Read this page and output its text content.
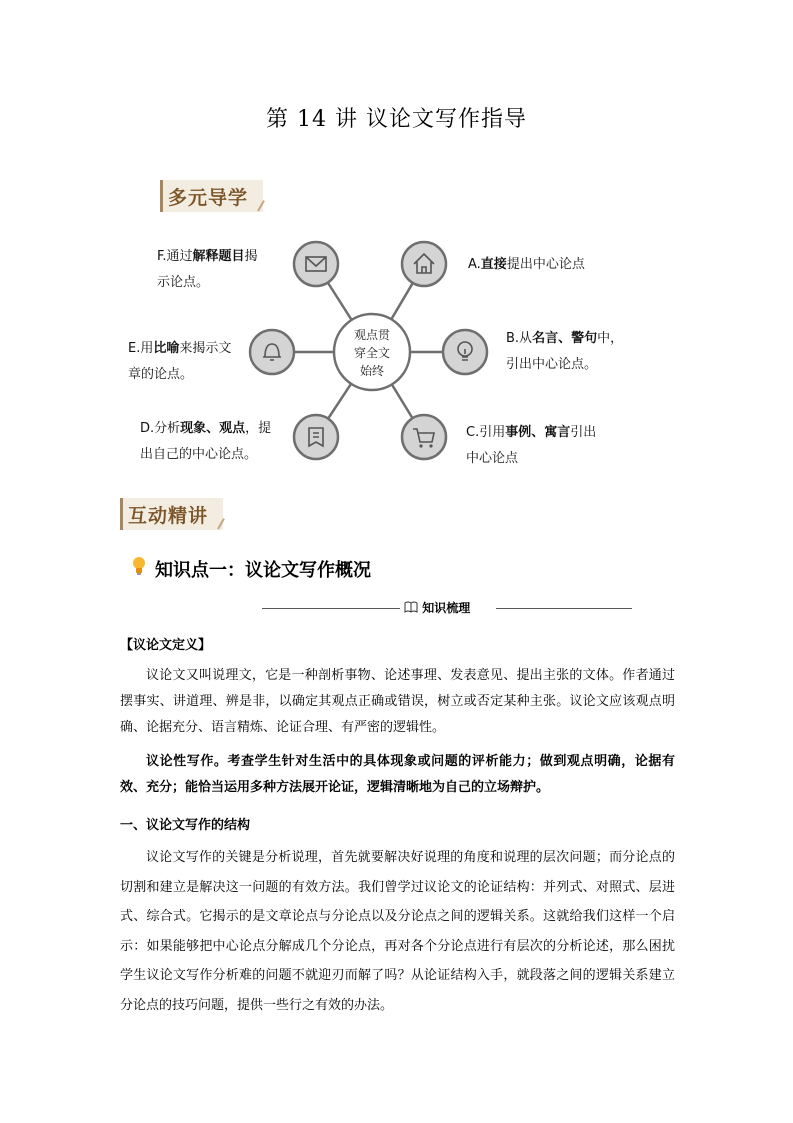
第 14 讲 议论文写作指导
多元导学
观点贯
穿全文
始终
F.通过解释题目揭
示论点。
A.直接提出中心论点
E.用比喻来揭示文
章的论点。
B.从名言、警句中，
引出中心论点。
D.分析现象、观点，提
出自己的中心论点。
C.引用事例、寓言引出
中心论点
互动精讲
知识点一：议论文写作概况
知识梳理
【议论文定义】
议论文又叫说理文，它是一种剖析事物、论述事理、发表意见、提出主张的文体。作者通过摆事实、讲道理、辨是非，以确定其观点正确或错误，树立或否定某种主张。议论文应该观点明确、论据充分、语言精炼、论证合理、有严密的逻辑性。
议论性写作。考查学生针对生活中的具体现象或问题的评析能力；做到观点明确，论据有效、充分；能恰当运用多种方法展开论证，逻辑清晰地为自己的立场辩护。
一、议论文写作的结构
议论文写作的关键是分析说理，首先就要解决好说理的角度和说理的层次问题；而分论点的切割和建立是解决这一问题的有效方法。我们曾学过议论文的论证结构：并列式、对照式、层进式、综合式。它揭示的是文章论点与分论点以及分论点之间的逻辑关系。这就给我们这样一个启示：如果能够把中心论点分解成几个分论点，再对各个分论点进行有层次的分析论述，那么困扰学生议论文写作分析难的问题不就迎刃而解了吗？从论证结构入手，就段落之间的逻辑关系建立分论点的技巧问题，提供一些行之有效的办法。
